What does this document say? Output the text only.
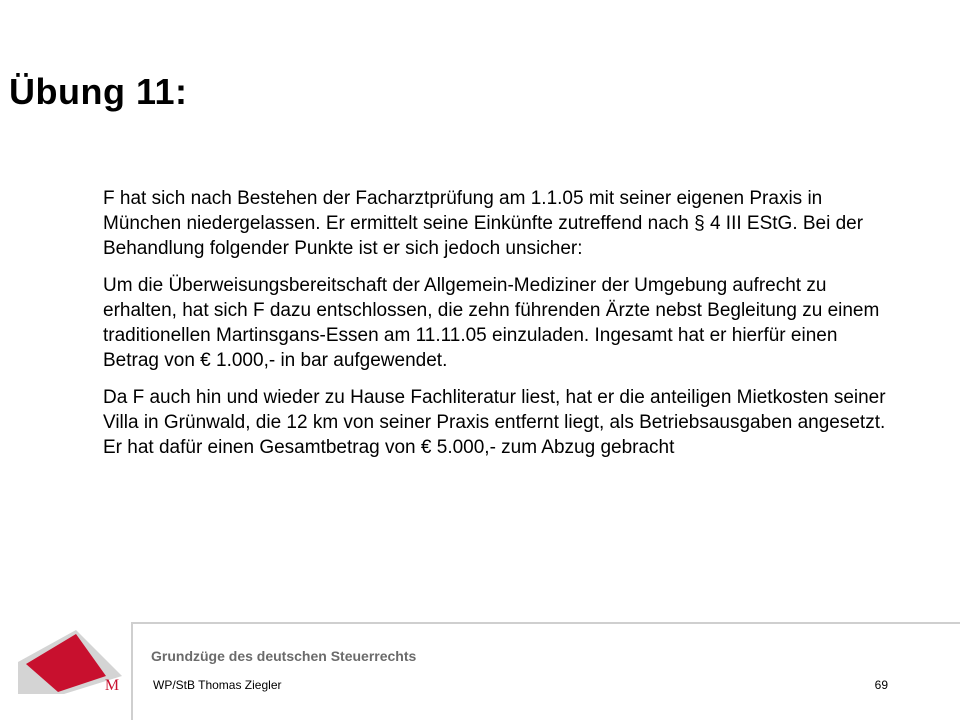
Übung 11:

F hat sich nach Bestehen der Facharztprüfung am 1.1.05 mit seiner eigenen Praxis in München niedergelassen. Er ermittelt seine Einkünfte zutreffend nach § 4 III EStG. Bei der Behandlung folgender Punkte ist er sich jedoch unsicher:

Um die Überweisungsbereitschaft der Allgemein-Mediziner der Umgebung aufrecht zu erhalten, hat sich F dazu entschlossen, die zehn führenden Ärzte nebst Begleitung zu einem traditionellen Martinsgans-Essen am 11.11.05 einzuladen. Ingesamt hat er hierfür einen Betrag von € 1.000,- in bar aufgewendet.

Da F auch hin und wieder zu Hause Fachliteratur liest, hat er die anteiligen Mietkosten seiner Villa in Grünwald, die 12 km von seiner Praxis entfernt liegt, als Betriebsausgaben angesetzt. Er hat dafür einen Gesamtbetrag von € 5.000,- zum Abzug gebracht

M
Grundzüge des deutschen Steuerrechts
WP/StB Thomas Ziegler	69
